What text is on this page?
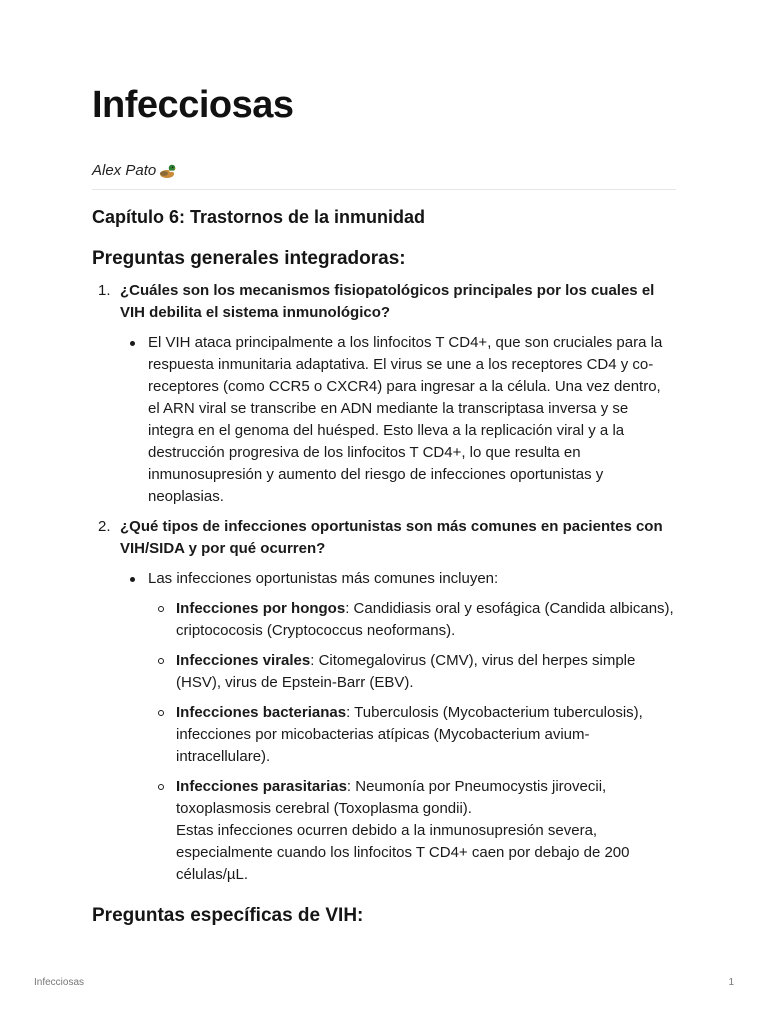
Infecciosas
Alex Pato
Capítulo 6: Trastornos de la inmunidad
Preguntas generales integradoras:
1. ¿Cuáles son los mecanismos fisiopatológicos principales por los cuales el VIH debilita el sistema inmunológico?
El VIH ataca principalmente a los linfocitos T CD4+, que son cruciales para la respuesta inmunitaria adaptativa. El virus se une a los receptores CD4 y co-receptores (como CCR5 o CXCR4) para ingresar a la célula. Una vez dentro, el ARN viral se transcribe en ADN mediante la transcriptasa inversa y se integra en el genoma del huésped. Esto lleva a la replicación viral y a la destrucción progresiva de los linfocitos T CD4+, lo que resulta en inmunosupresión y aumento del riesgo de infecciones oportunistas y neoplasias.
2. ¿Qué tipos de infecciones oportunistas son más comunes en pacientes con VIH/SIDA y por qué ocurren?
Las infecciones oportunistas más comunes incluyen:
Infecciones por hongos: Candidiasis oral y esofágica (Candida albicans), criptococosis (Cryptococcus neoformans).
Infecciones virales: Citomegalovirus (CMV), virus del herpes simple (HSV), virus de Epstein-Barr (EBV).
Infecciones bacterianas: Tuberculosis (Mycobacterium tuberculosis), infecciones por micobacterias atípicas (Mycobacterium avium-intracellulare).
Infecciones parasitarias: Neumonía por Pneumocystis jirovecii, toxoplasmosis cerebral (Toxoplasma gondii).
Estas infecciones ocurren debido a la inmunosupresión severa, especialmente cuando los linfocitos T CD4+ caen por debajo de 200 células/µL.
Preguntas específicas de VIH:
Infecciosas	1
